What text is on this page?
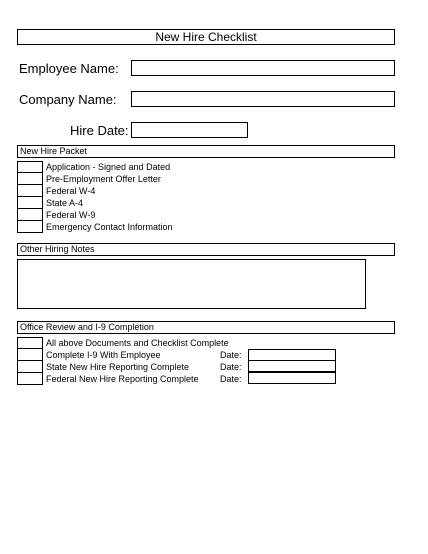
New Hire Checklist
Employee Name:
Company Name:
Hire Date:
New Hire Packet
Application - Signed and Dated
Pre-Employment Offer Letter
Federal W-4
State A-4
Federal W-9
Emergency Contact Information
Other Hiring Notes
Office Review and I-9 Completion
All above Documents and Checklist Complete
Complete I-9 With Employee
State New Hire Reporting Complete
Federal New Hire Reporting Complete
Date:
Date:
Date:
